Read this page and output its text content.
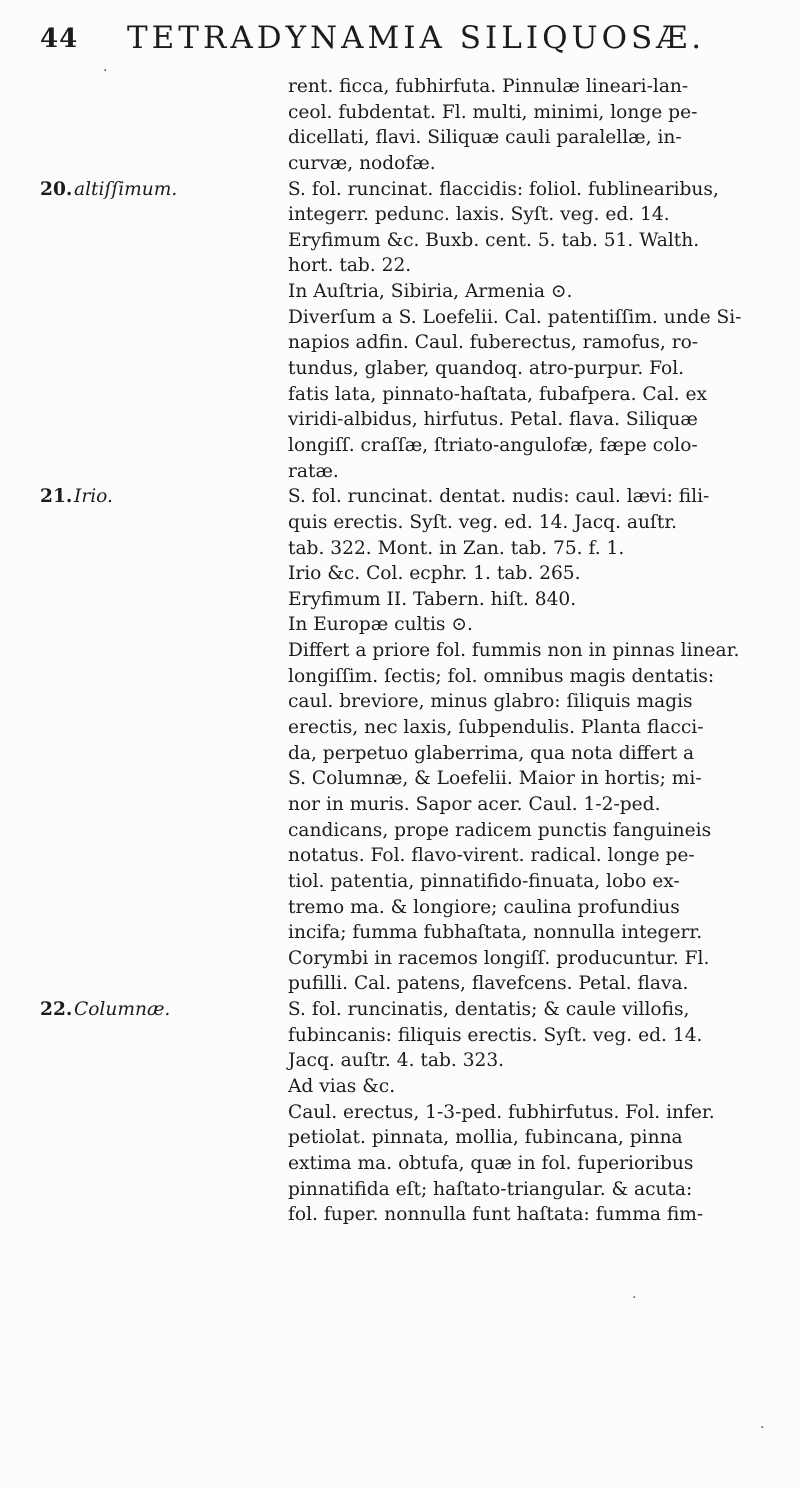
44 TETRADYNAMIA SILIQUOSÆ.
rent. ficca, fubhirfuta. Pinnulæ lineari-lan-
ceol. fubdentat. Fl. multi, minimi, longe pe-
dicellati, flavi. Siliquæ cauli paralellæ, in-
curvæ, nodofæ.
20.altiſſimum.	S. fol. runcinat. flaccidis: foliol. fublinearibus,
integerr. pedunc. laxis. Syſt. veg. ed. 14.
Eryfimum &c. Buxb. cent. 5. tab. 51. Walth.
hort. tab. 22.
In Auſtria, Sibiria, Armenia ⊙.
Diverſum a S. Loefelii. Cal. patentiſſim. unde Si-
napios adfin. Caul. fuberectus, ramofus, ro-
tundus, glaber, quandoq. atro-purpur. Fol.
fatis lata, pinnato-haſtata, fubafpera. Cal. ex
viridi-albidus, hirfutus. Petal. flava. Siliquæ
longiſſ. craſſæ, ſtriato-angulofæ, fæpe colo-
ratæ.
21.Irio.	S. fol. runcinat. dentat. nudis: caul. lævi: fili-
quis erectis. Syſt. veg. ed. 14. Jacq. auſtr.
tab. 322. Mont. in Zan. tab. 75. f. 1.
Irio &c. Col. ecphr. 1. tab. 265.
Eryfimum II. Tabern. hiſt. 840.
In Europæ cultis ⊙.
Differt a priore fol. fummis non in pinnas linear.
longiſſim. ſectis; fol. omnibus magis dentatis:
caul. breviore, minus glabro: ſiliquis magis
erectis, nec laxis, ſubpendulis. Planta flacci-
da, perpetuo glaberrima, qua nota differt a
S. Columnæ, & Loefelii. Maior in hortis; mi-
nor in muris. Sapor acer. Caul. 1-2-ped.
candicans, prope radicem punctis fanguineis
notatus. Fol. flavo-virent. radical. longe pe-
tiol. patentia, pinnatifido-finuata, lobo ex-
tremo ma. & longiore; caulina profundius
incifa; fumma fubhaſtata, nonnulla integerr.
Corymbi in racemos longiſſ. producuntur. Fl.
pufilli. Cal. patens, flavefcens. Petal. flava.
22.Columnæ.	S. fol. runcinatis, dentatis; & caule villofis,
fubincanis: filiquis erectis. Syſt. veg. ed. 14.
Jacq. auſtr. 4. tab. 323.
Ad vias &c.
Caul. erectus, 1-3-ped. fubhirfutus. Fol. infer.
petiolat. pinnata, mollia, fubincana, pinna
extima ma. obtufa, quæ in fol. fuperioribus
pinnatifida eſt; haſtato-triangular. & acuta:
fol. fuper. nonnulla funt haſtata: fumma fim-
·
·
·
